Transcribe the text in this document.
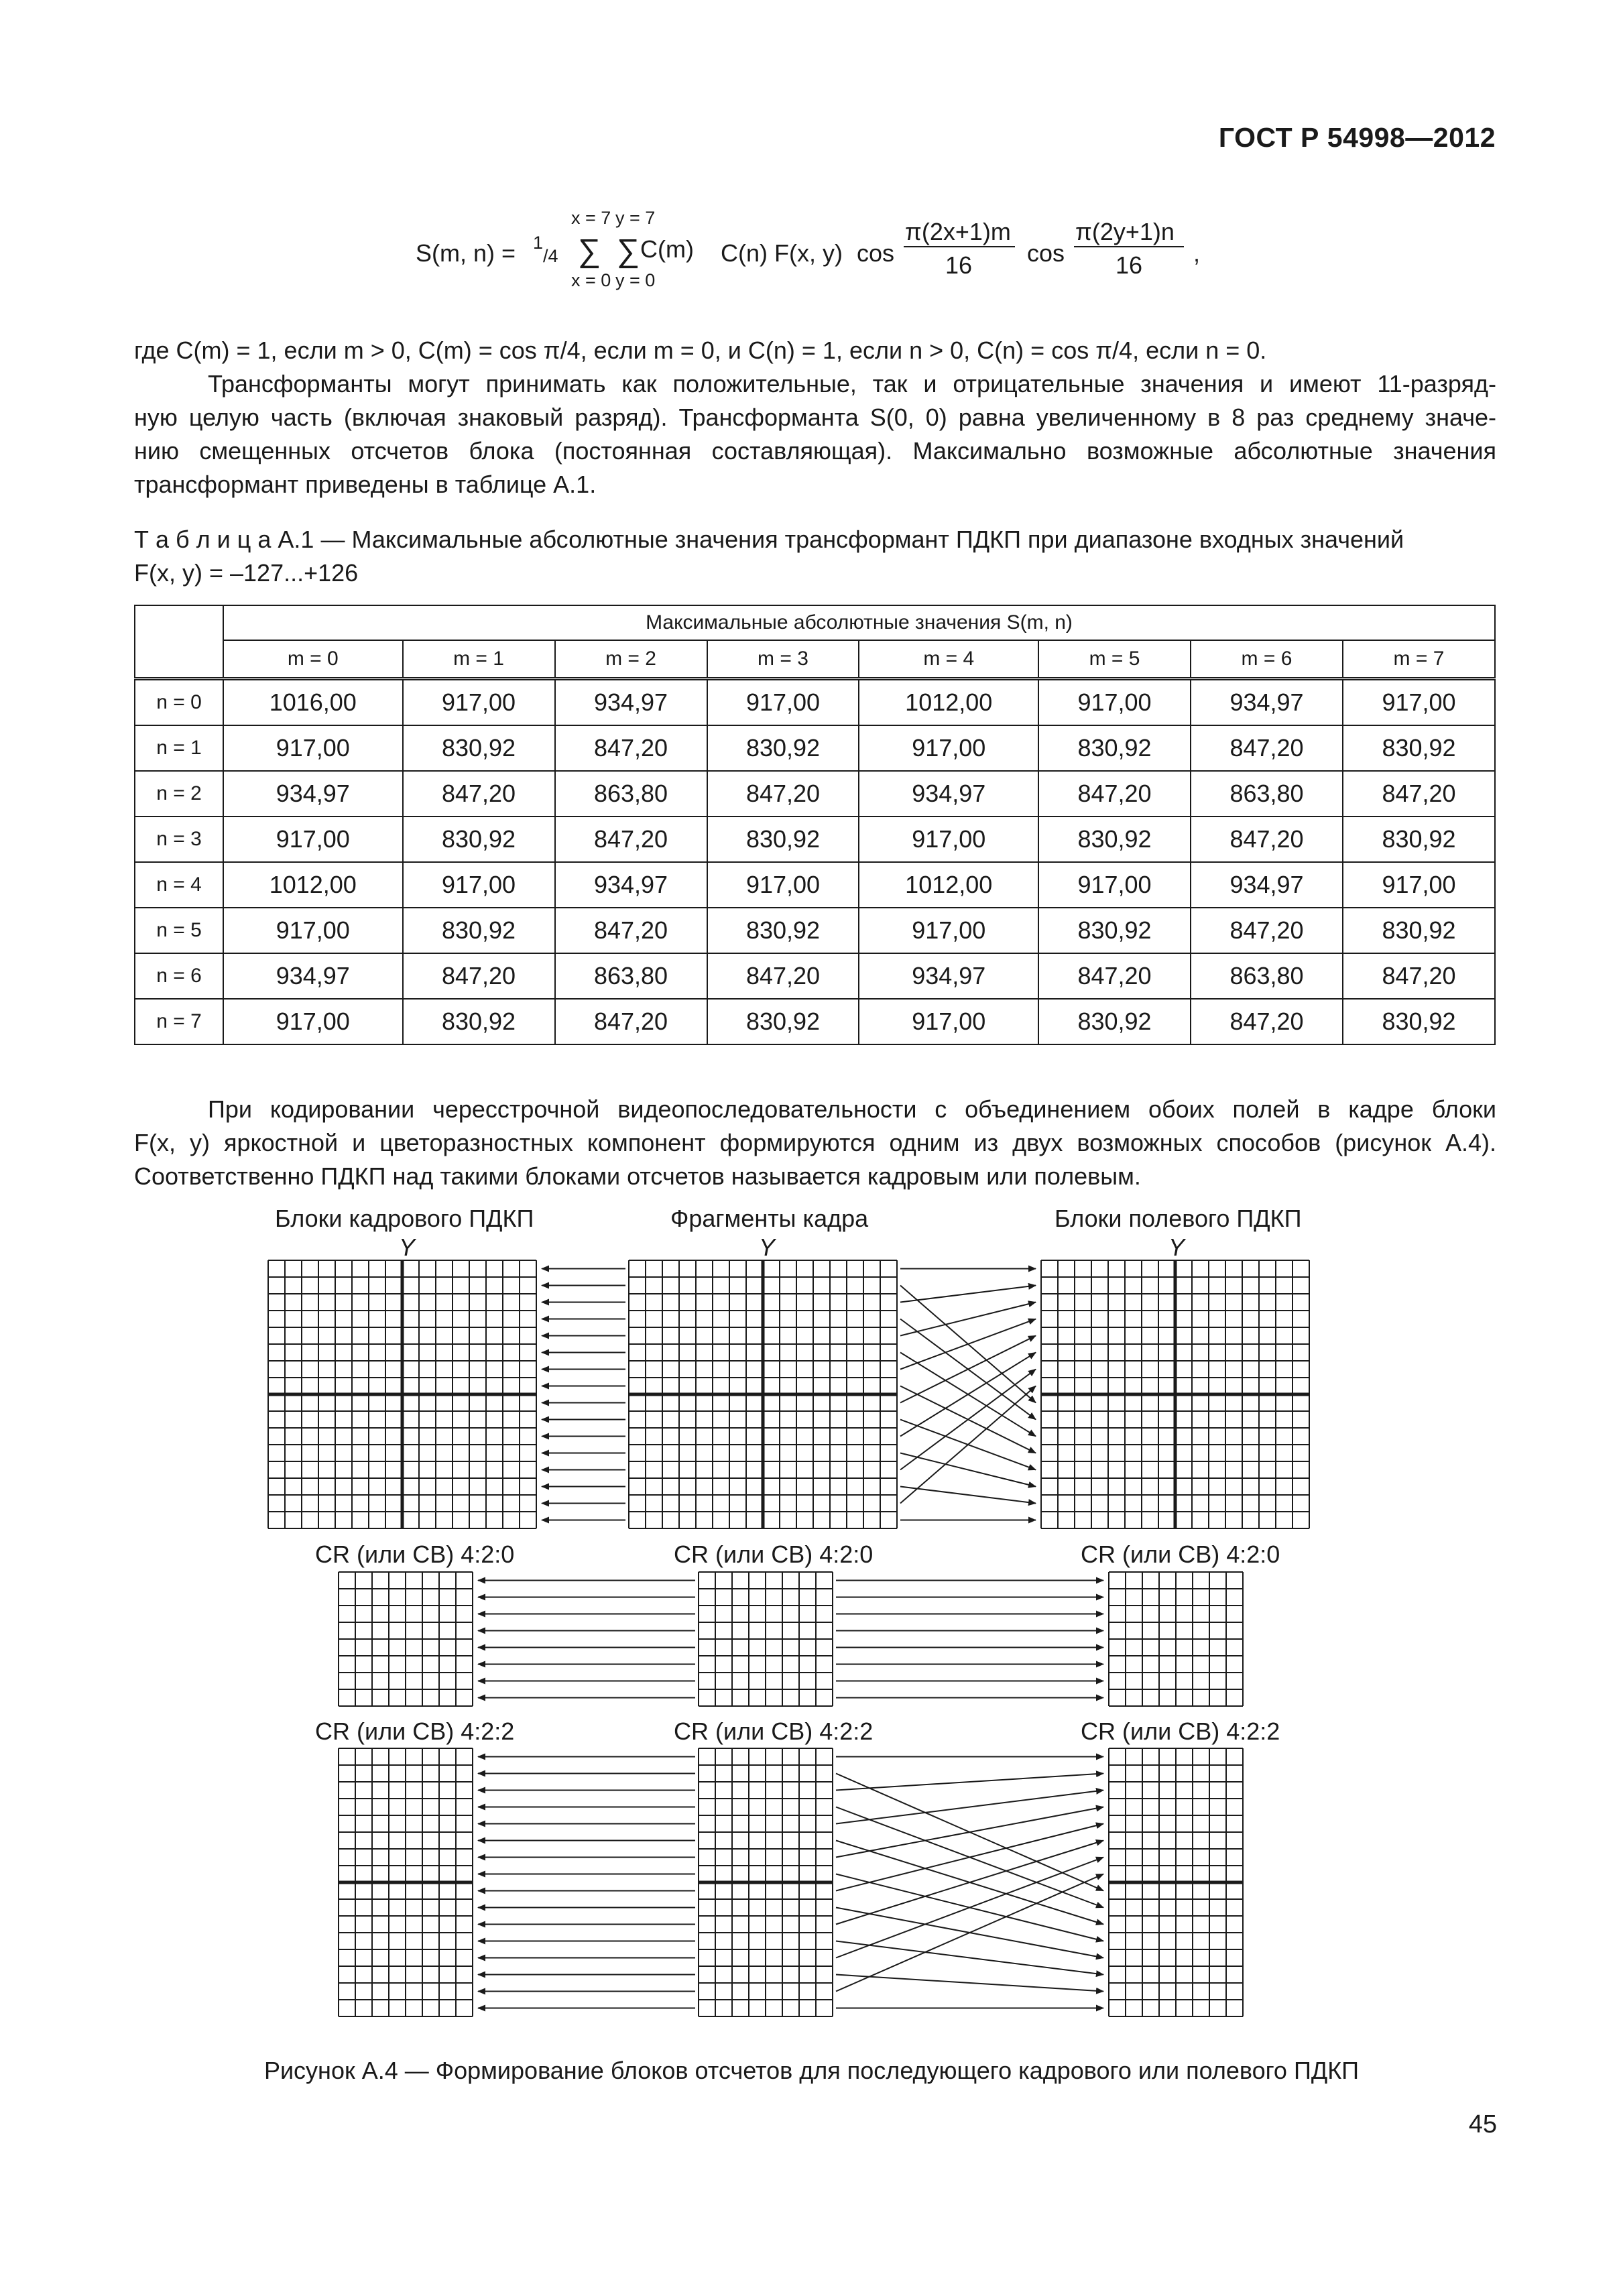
ГОСТ Р 54998—2012
S(m, n) = 1
/4
x = 7 y = 7
∑ ∑
x = 0 y = 0
C(m) C(n) F(x, y) cos
π(2x+1)m
16 cos
π(2y+1)n
16 ,
где C(m) = 1, если m > 0, C(m) = cos π/4, если m = 0, и C(n) = 1, если n > 0, C(n) = cos π/4, если n = 0.
Трансформанты могут принимать как положительные, так и отрицательные значения и имеют 11-разряд-
ную целую часть (включая знаковый разряд). Трансформанта S(0, 0) равна увеличенному в 8 раз среднему значе-
нию смещенных отсчетов блока (постоянная составляющая). Максимально возможные абсолютные значения
трансформант приведены в таблице А.1.
Т а б л и ц а А.1 — Максимальные абсолютные значения трансформант ПДКП при диапазоне входных значений
F(x, y) = –127...+126
	Максимальные абсолютные значения S(m, n)							
	m = 0	m = 1	m = 2	m = 3	m = 4	m = 5	m = 6	m = 7
n = 0	1016,00	917,00	934,97	917,00	1012,00	917,00	934,97	917,00
n = 1	917,00	830,92	847,20	830,92	917,00	830,92	847,20	830,92
n = 2	934,97	847,20	863,80	847,20	934,97	847,20	863,80	847,20
n = 3	917,00	830,92	847,20	830,92	917,00	830,92	847,20	830,92
n = 4	1012,00	917,00	934,97	917,00	1012,00	917,00	934,97	917,00
n = 5	917,00	830,92	847,20	830,92	917,00	830,92	847,20	830,92
n = 6	934,97	847,20	863,80	847,20	934,97	847,20	863,80	847,20
n = 7	917,00	830,92	847,20	830,92	917,00	830,92	847,20	830,92
При кодировании чересстрочной видеопоследовательности с объединением обоих полей в кадре блоки
F(x, y) яркостной и цветоразностных компонент формируются одним из двух возможных способов (рисунок А.4).
Соответственно ПДКП над такими блоками отсчетов называется кадровым или полевым.
Блоки кадрового ПДКП	Фрагменты кадра	Блоки полевого ПДКП
Y	Y	Y
CR (или CB) 4:2:0	CR (или CB) 4:2:0	CR (или CB) 4:2:0
CR (или CB) 4:2:2	CR (или CB) 4:2:2	CR (или CB) 4:2:2
Рисунок А.4 — Формирование блоков отсчетов для последующего кадрового или полевого ПДКП
45
